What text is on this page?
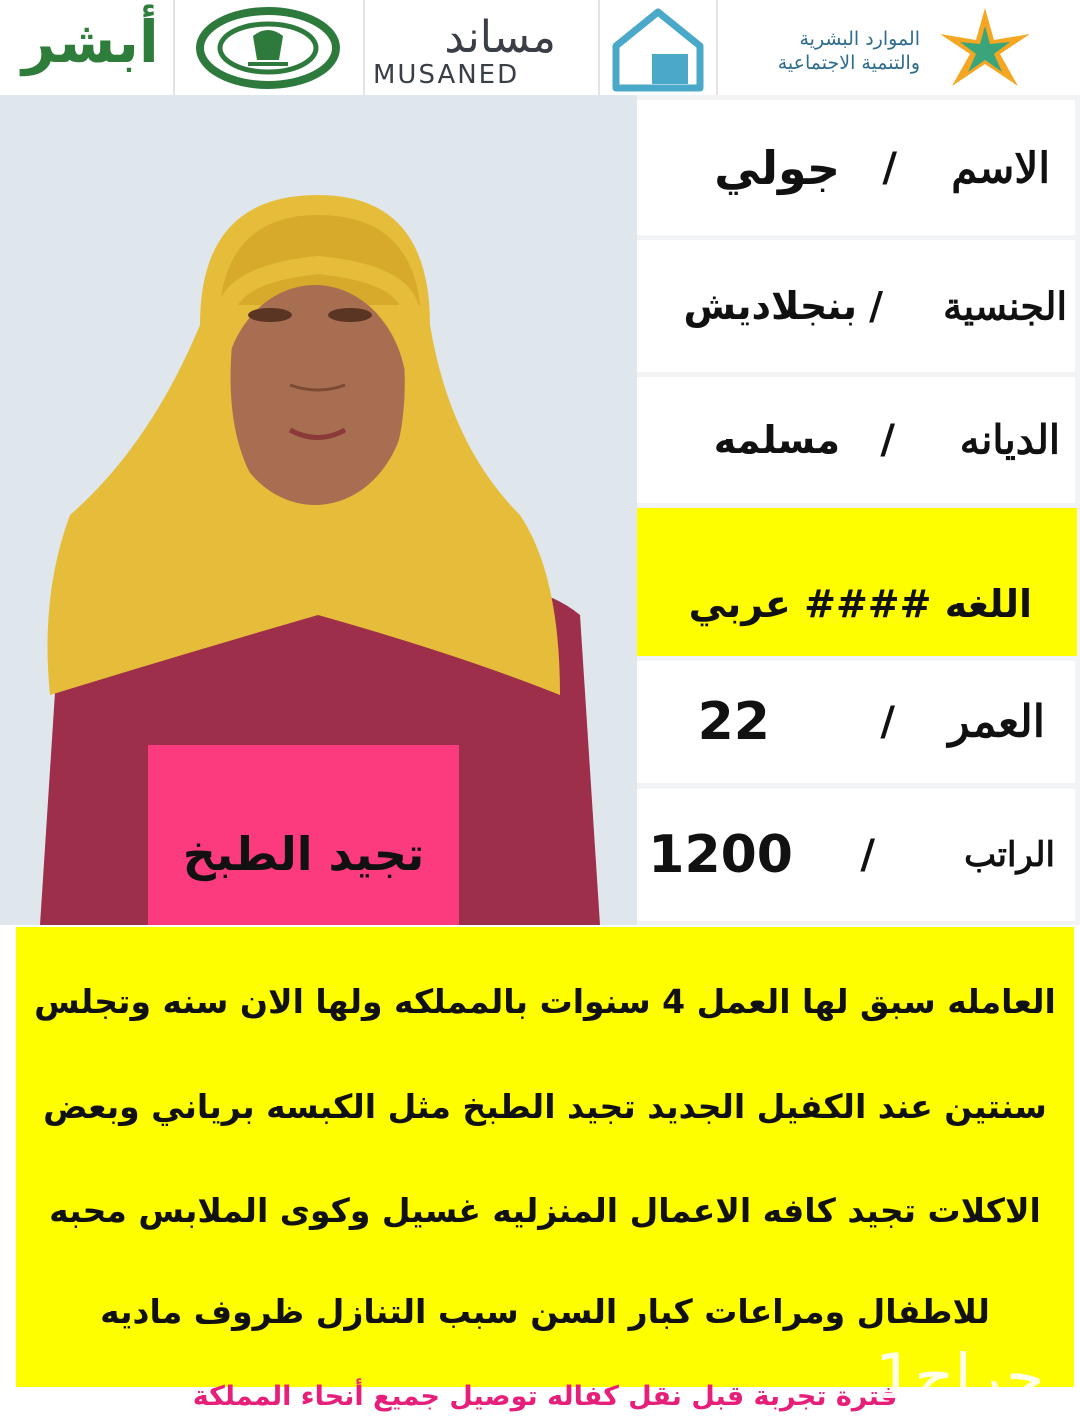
أبشر	مساند
MUSANED
الموارد البشرية
والتنمية الاجتماعية
تجيد الطبخ
الاسم
/
جولي
الجنسية
/
بنجلاديش
الديانه
/
مسلمه
اللغه #### عربي
العمر
/
22
الراتب
/
1200
العامله سبق لها العمل 4 سنوات بالمملكه ولها الان سنه وتجلس
سنتين عند الكفيل الجديد تجيد الطبخ مثل الكبسه برياني وبعض
الاكلات تجيد كافه الاعمال المنزليه غسيل وكوى الملابس محبه
للاطفال ومراعات كبار السن سبب التنازل ظروف ماديه
فترة تجربة قبل نقل كفاله توصيل جميع أنحاء المملكة
حراج1
